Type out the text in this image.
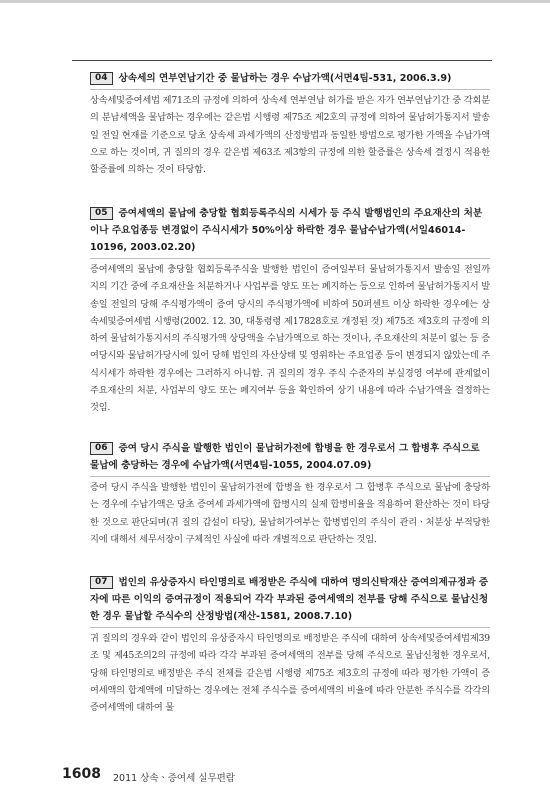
04 상속세의 연부연납기간 중 물납하는 경우 수납가액(서면4팀-531, 2006.3.9)
상속세및증여세법 제71조의 규정에 의하여 상속세 연부연납 허가를 받은 자가 연부연납기간 중 각회분의 분납세액을 물납하는 경우에는 같은법 시행령 제75조 제2호의 규정에 의하여 물납허가통지서 발송일 전일 현재를 기준으로 당초 상속세 과세가액의 산정방법과 동일한 방법으로 평가한 가액을 수납가액으로 하는 것이며, 귀 질의의 경우 같은법 제63조 제3항의 규정에 의한 할증률은 상속세 결정시 적용한 할증률에 의하는 것이 타당함.
05 증여세액의 물납에 충당할 협회등록주식의 시세가 등 주식 발행법인의 주요재산의 처분이나 주요업종등 변경없이 주식시세가 50%이상 하락한 경우 물납수납가액(서일46014-10196, 2003.02.20)
증여세액의 물납에 충당할 협회등록주식을 발행한 법인이 증여일부터 물납허가통지서 발송일 전일까지의 기간 중에 주요재산을 처분하거나 사업부를 양도 또는 폐지하는 등으로 인하여 물납허가통지서 발송일 전일의 당해 주식평가액이 증여 당시의 주식평가액에 비하여 50퍼센트 이상 하락한 경우에는 상속세및증여세법 시행령(2002. 12. 30, 대통령령 제17828호로 개정된 것) 제75조 제3호의 규정에 의하여 물납허가통지서의 주식평가액 상당액을 수납가액으로 하는 것이나, 주요재산의 처분이 없는 등 증여당시와 물납허가당시에 있어 당해 법인의 자산상태 및 영위하는 주요업종 등이 변경되지 않았는데 주식시세가 하락한 경우에는 그러하지 아니함. 귀 질의의 경우 주식 수준자의 부실경영 여부에 관계없이 주요재산의 처분, 사업부의 양도 또는 폐지여부 등을 확인하여 상기 내용에 따라 수납가액을 결정하는 것임.
06 증여 당시 주식을 발행한 법인이 물납허가전에 합병을 한 경우로서 그 합병후 주식으로 물납에 충당하는 경우에 수납가액(서면4팀-1055, 2004.07.09)
증여 당시 주식을 발행한 법인이 물납허가전에 합병을 한 경우로서 그 합병후 주식으로 물납에 충당하는 경우에 수납가액은 당초 증여세 과세가액에 합병시의 실제 합병비율을 적용하여 환산하는 것이 타당한 것으로 판단되며(귀 질의 갑설이 타당), 물납허가여부는 합병법인의 주식이 관리ㆍ처분상 부적당한지에 대해서 세무서장이 구체적인 사실에 따라 개별적으로 판단하는 것임.
07 법인의 유상증자시 타인명의로 배정받은 주식에 대하여 명의신탁재산 증여의제규정과 증자에 따른 이익의 증여규정이 적용되어 각각 부과된 증여세액의 전부를 당해 주식으로 물납신청한 경우 물납할 주식수의 산정방법(재산-1581, 2008.7.10)
귀 질의의 경우와 같이 법인의 유상증자시 타인명의로 배정받은 주식에 대하여 상속세및증여세법제39조 및 제45조의2의 규정에 따라 각각 부과된 증여세액의 전부를 당해 주식으로 물납신청한 경우로서, 당해 타인명의로 배정받은 주식 전체를 같은법 시행령 제75조 제3호의 규정에 따라 평가한 가액이 증여세액의 합계액에 미달하는 경우에는 전체 주식수를 증여세액의 비율에 따라 안분한 주식수를 각각의 증여세액에 대하여 물
1608 2011 상속ㆍ증여세 실무편람
